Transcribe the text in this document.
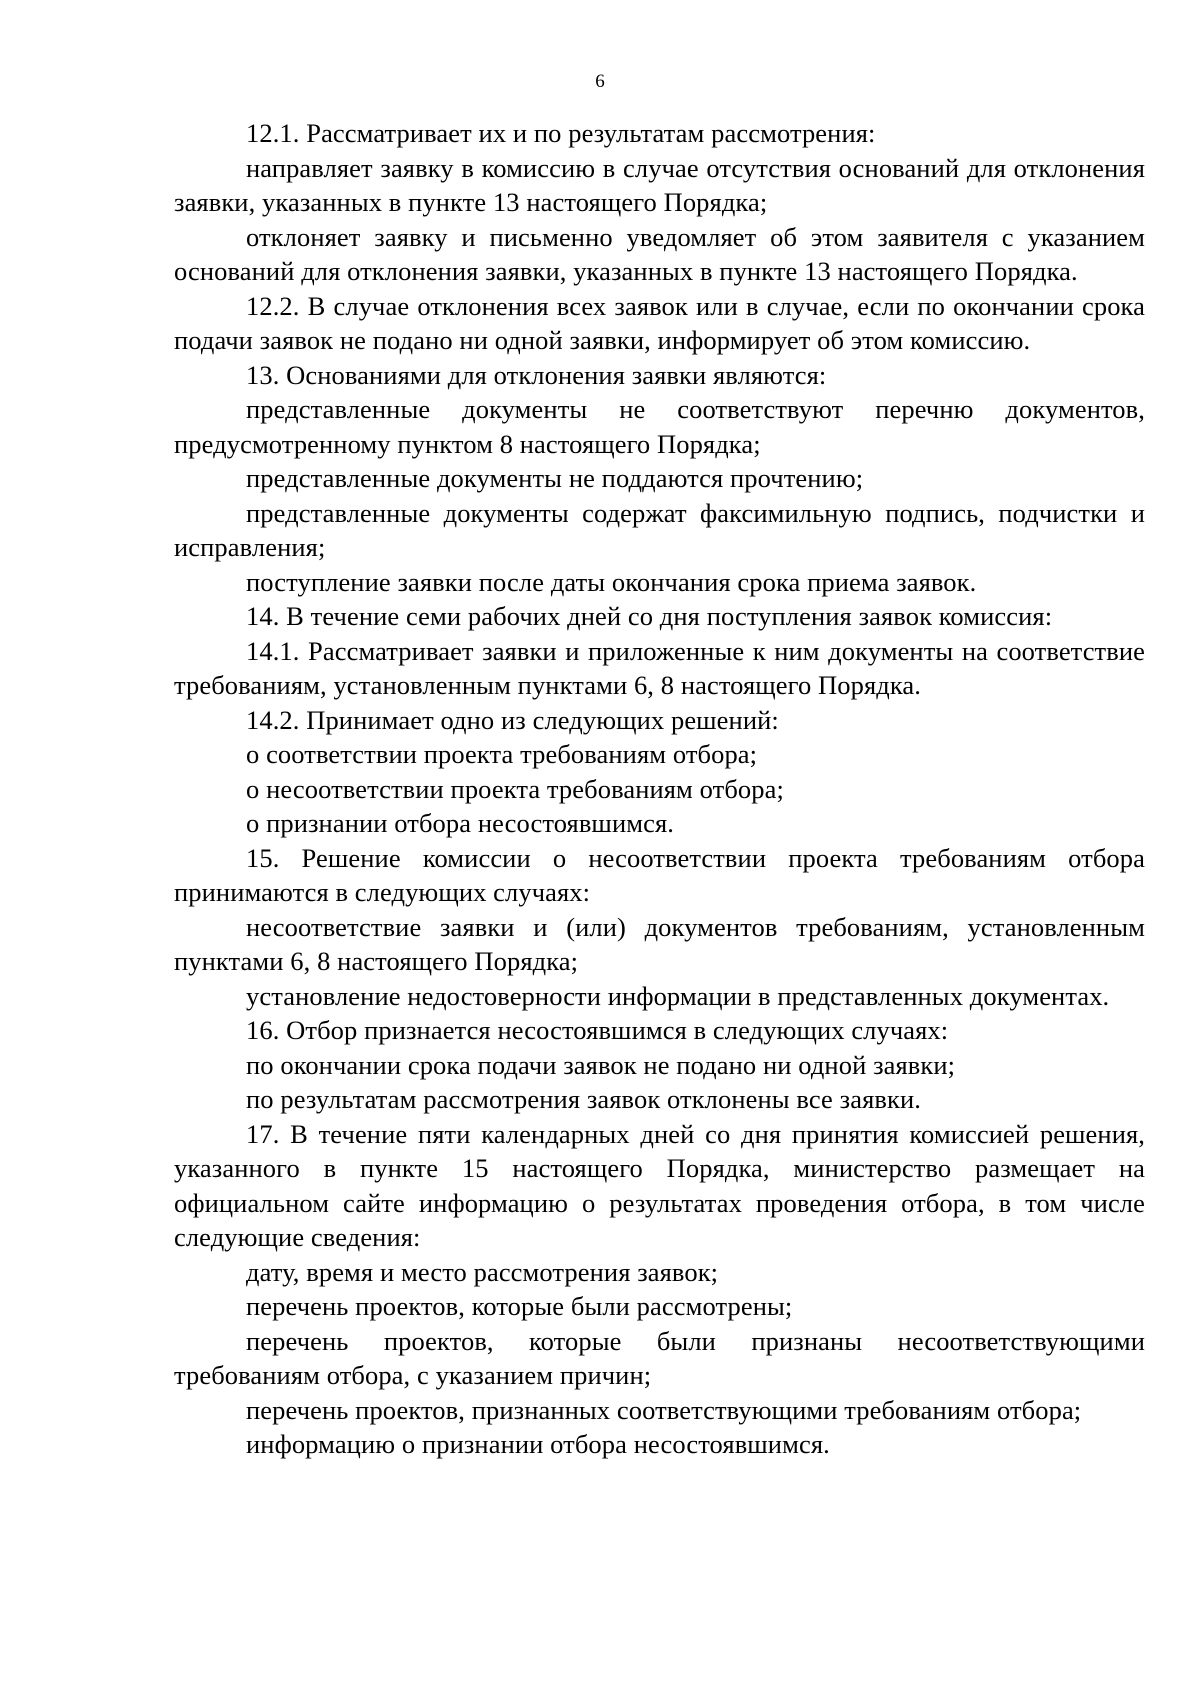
6

12.1. Рассматривает их и по результатам рассмотрения:

направляет заявку в комиссию в случае отсутствия оснований для отклонения заявки, указанных в пункте 13 настоящего Порядка;

отклоняет заявку и письменно уведомляет об этом заявителя с указанием оснований для отклонения заявки, указанных в пункте 13 настоящего Порядка.

12.2. В случае отклонения всех заявок или в случае, если по окончании срока подачи заявок не подано ни одной заявки, информирует об этом комиссию.

13. Основаниями для отклонения заявки являются:

представленные документы не соответствуют перечню документов, предусмотренному пунктом 8 настоящего Порядка;

представленные документы не поддаются прочтению;

представленные документы содержат факсимильную подпись, подчистки и исправления;

поступление заявки после даты окончания срока приема заявок.

14. В течение семи рабочих дней со дня поступления заявок комиссия:

14.1. Рассматривает заявки и приложенные к ним документы на соответствие требованиям, установленным пунктами 6, 8 настоящего Порядка.

14.2. Принимает одно из следующих решений:

о соответствии проекта требованиям отбора;

о несоответствии проекта требованиям отбора;

о признании отбора несостоявшимся.

15. Решение комиссии о несоответствии проекта требованиям отбора принимаются в следующих случаях:

несоответствие заявки и (или) документов требованиям, установленным пунктами 6, 8 настоящего Порядка;

установление недостоверности информации в представленных документах.

16. Отбор признается несостоявшимся в следующих случаях:

по окончании срока подачи заявок не подано ни одной заявки;

по результатам рассмотрения заявок отклонены все заявки.

17. В течение пяти календарных дней со дня принятия комиссией решения, указанного в пункте 15 настоящего Порядка, министерство размещает на официальном сайте информацию о результатах проведения отбора, в том числе следующие сведения:

дату, время и место рассмотрения заявок;

перечень проектов, которые были рассмотрены;

перечень проектов, которые были признаны несоответствующими требованиям отбора, с указанием причин;

перечень проектов, признанных соответствующими требованиям отбора;

информацию о признании отбора несостоявшимся.
